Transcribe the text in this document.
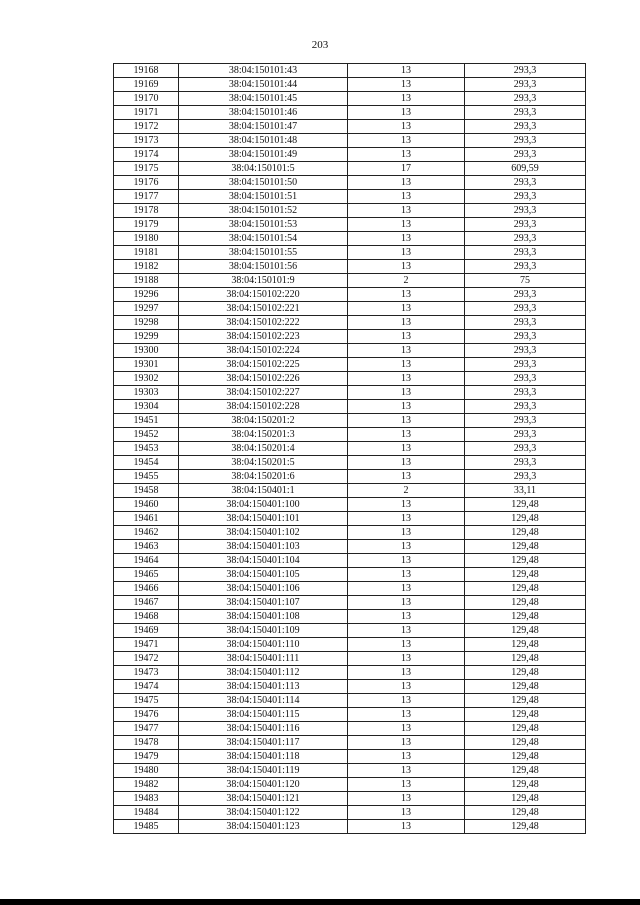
203
19168	38:04:150101:43	13	293,3
19169	38:04:150101:44	13	293,3
19170	38:04:150101:45	13	293,3
19171	38:04:150101:46	13	293,3
19172	38:04:150101:47	13	293,3
19173	38:04:150101:48	13	293,3
19174	38:04:150101:49	13	293,3
19175	38:04:150101:5	17	609,59
19176	38:04:150101:50	13	293,3
19177	38:04:150101:51	13	293,3
19178	38:04:150101:52	13	293,3
19179	38:04:150101:53	13	293,3
19180	38:04:150101:54	13	293,3
19181	38:04:150101:55	13	293,3
19182	38:04:150101:56	13	293,3
19188	38:04:150101:9	2	75
19296	38:04:150102:220	13	293,3
19297	38:04:150102:221	13	293,3
19298	38:04:150102:222	13	293,3
19299	38:04:150102:223	13	293,3
19300	38:04:150102:224	13	293,3
19301	38:04:150102:225	13	293,3
19302	38:04:150102:226	13	293,3
19303	38:04:150102:227	13	293,3
19304	38:04:150102:228	13	293,3
19451	38:04:150201:2	13	293,3
19452	38:04:150201:3	13	293,3
19453	38:04:150201:4	13	293,3
19454	38:04:150201:5	13	293,3
19455	38:04:150201:6	13	293,3
19458	38:04:150401:1	2	33,11
19460	38:04:150401:100	13	129,48
19461	38:04:150401:101	13	129,48
19462	38:04:150401:102	13	129,48
19463	38:04:150401:103	13	129,48
19464	38:04:150401:104	13	129,48
19465	38:04:150401:105	13	129,48
19466	38:04:150401:106	13	129,48
19467	38:04:150401:107	13	129,48
19468	38:04:150401:108	13	129,48
19469	38:04:150401:109	13	129,48
19471	38:04:150401:110	13	129,48
19472	38:04:150401:111	13	129,48
19473	38:04:150401:112	13	129,48
19474	38:04:150401:113	13	129,48
19475	38:04:150401:114	13	129,48
19476	38:04:150401:115	13	129,48
19477	38:04:150401:116	13	129,48
19478	38:04:150401:117	13	129,48
19479	38:04:150401:118	13	129,48
19480	38:04:150401:119	13	129,48
19482	38:04:150401:120	13	129,48
19483	38:04:150401:121	13	129,48
19484	38:04:150401:122	13	129,48
19485	38:04:150401:123	13	129,48
